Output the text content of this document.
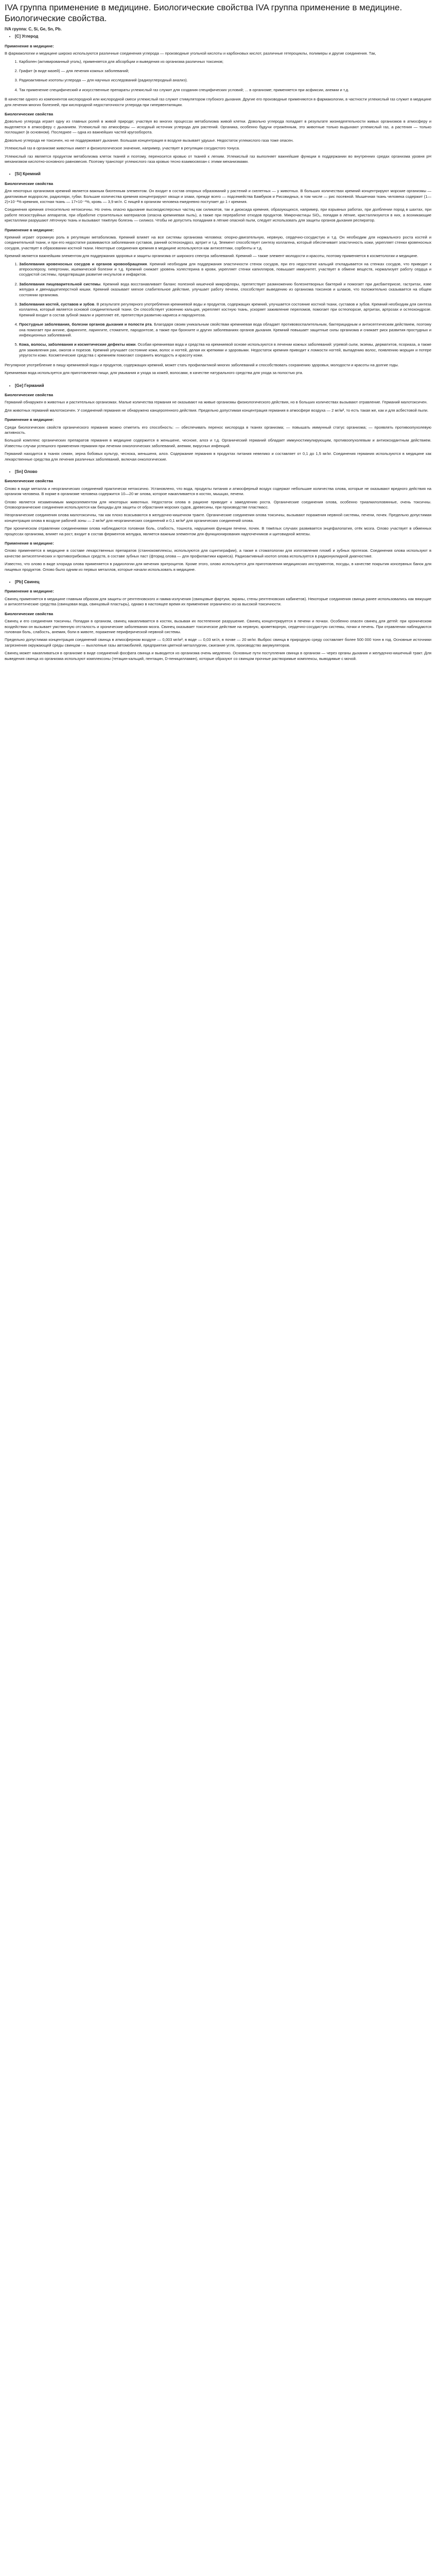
IVA группа применение в медицине. Биологические свойства IVA группа применение в медицине. Биологические свойства.
IVA группа: C, Si, Ge, Sn, Pb.
• [C] Углерод
Применение в медицине:

В фармакологии и медицине широко используются различные соединения углерода — производные угольной кислоты и карбоновых кислот, различные гетероциклы, полимеры и другие соединения. Так,

1. Карболен (активированный уголь), применяется для абсорбции и выведения из организма различных токсинов;
2. Графит (в виде мазей) — для лечения кожных заболеваний;
3. Радиоактивные изотопы углерода — для научных исследований (радиоуглеродный анализ).
4. Так применение специфический и искусственные препараты углекислый газ служит для создания специфических условий; ... в организме; применяется при асфиксии, анемии и т.д.

В качестве одного из компонентов кислородной или кислородной смеси углекислый газ служит стимулятором глубокого дыхания. Другие его производные применяются в фармакологии, в частности углекислый газ служит в медицине для лечения многих болезней, при кислородной недостаточности углерода при гипервентиляции.

Биологические свойства

Довольно углерода играет одну из главных ролей в живой природе; участвуя во многих процессах метаболизма живой клетки. Довольно углерода попадает в результате жизнедеятельности живых организмов в атмосферу и выделяется в атмосферу с дыханием. Углекислый газ атмосферы — исходный источник углерода для растений. Органика, особенно будучи отражённым, это животные только выдыхают углекислый газ, а растения — только поглощают (в основном). Последнее — одна из важнейших частей кругооборота.

Довольно углерода не токсичен, но не поддерживает дыхание. Большая концентрация в воздухе вызывает удушье. Недостаток углекислого газа тоже опасен.

Углекислый газ в организме животных имеет и физиологическое значение, например, участвует в регуляции сосудистого тонуса.

Углекислый газ является продуктом метаболизма клеток тканей и поэтому, переносится кровью от тканей к легким. Углекислый газ выполняет важнейшие функции в поддержании во внутренних средах организма уровня pH механизмом кислотно-основного равновесия. Поэтому транспорт углекислого газа кровью тесно взаимосвязан с этими механизмами.

• [Si] Кремний
Биологические свойства

Для некоторых организмов кремний является важным биогенным элементом. Он входит в состав опорных образований у растений и скелетных — у животных. В больших количествах кремний концентрируют морские организмы — диатомовые водоросли, радиоляри, губки. Большие количества кремния концентрируют хвощи и злаки, прежде всего — подсемейства Бамбуков и Рисовидных, в том числе — рис посевной. Мышечная ткань человека содержит (1—2)×10⁻²% кремния, костная ткань — 17×10⁻⁴%, кровь — 3,9 мг/л. С пищей в организм человека ежедневно поступает до 1 г кремния.

Соединения кремния относительно нетоксичны. Но очень опасно вдыхание высокодисперсных частиц как силикатов, так и диоксида кремния, образующихся, например, при взрывных работах, при долблении пород в шахтах, при работе пескоструйных аппаратов, при обработке строительных материалов (опасна кремниевая пыль), а также при переработке отходов продуктов. Микрочастицы SiO₂, попадая в лёгкие, кристаллизуются в них, а возникающие кристаллики разрушают лёгочную ткань и вызывают тяжёлую болезнь — силикоз. Чтобы не допустить попадания в лёгкие опасной пыли, следует использовать для защиты органов дыхания респиратор.

Применение в медицине:

Кремний играет огромную роль в регуляции метаболизма. Кремний влияет на все системы организма человека: опорно-двигательную, нервную, сердечно-сосудистую и т.д. Он необходим для нормального роста костей и соединительной ткани, и при его недостатке развиваются заболевания суставов, ранний остеохондроз, артрит и т.д. Элемент способствует синтезу коллагена, который обеспечивает эластичность кожи, укрепляет стенки кровеносных сосудов, участвует в образовании костной ткани. Некоторые соединения кремния в медицине используются как антисептики, сорбенты и т.д.

Кремний является важнейшим элементом для поддержания здоровья и защиты организма от широкого спектра заболеваний. Кремний — также элемент молодости и красоты, поэтому применяется в косметологии и медицине.

1. Заболевания кровеносных сосудов и органов кровообращения. Кремний необходим для поддержания эластичности стенок сосудов, при его недостатке кальций откладывается на стенках сосудов, что приводит к атеросклерозу, гипертонии, ишемической болезни и т.д. Кремний снижает уровень холестерина в крови, укрепляет стенки капилляров, повышает иммунитет, участвует в обмене веществ, нормализует работу сердца и сосудистой системы, предотвращая развитие инсультов и инфарктов.
2. Заболевания пищеварительной системы. Кремний вода восстанавливает баланс полезной кишечной микрофлоры, препятствует размножению болезнетворных бактерий и помогает при дисбактериозе, гастритах, язве желудка и двенадцатиперстной кишки. Кремний оказывает мягкое слабительное действие, улучшает работу печени, способствует выведению из организма токсинов и шлаков, что положительно сказывается на общем состоянии организма.
3. Заболевания костей, суставов и зубов. В результате регулярного употребления кремниевой воды и продуктов, содержащих кремний, улучшается состояние костной ткани, суставов и зубов. Кремний необходим для синтеза коллагена, который является основой соединительной ткани. Он способствует усвоению кальция, укрепляет костную ткань, ускоряет заживление переломов, помогает при остеопорозе, артритах, артрозах и остеохондрозе. Кремний входит в состав зубной эмали и укрепляет её, препятствуя развитию кариеса и пародонтоза.
4. Простудные заболевания, болезни органов дыхания и полости рта. Благодаря своим уникальным свойствам кремниевая вода обладает противовоспалительным, бактерицидным и антисептическим действием, поэтому она помогает при ангине, фарингите, ларингите, стоматите, пародонтозе, а также при бронхите и других заболеваниях органов дыхания. Кремний повышает защитные силы организма и снижает риск развития простудных и инфекционных заболеваний.
5. Кожа, волосы, заболевания и косметические дефекты кожи. Особая кремниевая вода и средства на кремниевой основе используются в лечении кожных заболеваний: угревой сыпи, экземы, дерматитов, псориаза, а также для заживления ран, ожогов и порезов. Кремний улучшает состояние кожи, волос и ногтей, делая их крепкими и здоровыми. Недостаток кремния приводит к ломкости ногтей, выпадению волос, появлению морщин и потере упругости кожи. Косметические средства с кремнием помогают сохранить молодость и красоту кожи.

Регулярное употребление в пищу кремниевой воды и продуктов, содержащих кремний, может стать профилактикой многих заболеваний и способствовать сохранению здоровья, молодости и красоты на долгие годы.

Кремниевая вода используется для приготовления пищи, для умывания и ухода за кожей, волосами, в качестве натурального средства для ухода за полостью рта.

• [Ge] Германий
Биологические свойства

Германий обнаружен в животных и растительных организмах. Малые количества германия не оказывают на живые организмы физиологического действия, но в больших количествах вызывают отравление. Германий малотоксичен.

Для животных германий малотоксичен. У соединений германия не обнаружено канцерогенного действия. Предельно допустимая концентрация германия в атмосфере воздуха — 2 мг/м³, то есть такая же, как и для асбестовой пыли.

Применение в медицине:

Среди биологических свойств органического германия можно отметить его способность: — обеспечивать перенос кислорода в тканях организма; — повышать иммунный статус организма; — проявлять противоопухолевую активность.

Большой комплекс органических препаратов германия в медицине содержится в женьшене, чесноке, алоэ и т.д. Органический германий обладает иммуностимулирующим, противоопухолевым и антиоксидантным действием. Известны случаи успешного применения германия при лечении онкологических заболеваний, анемии, вирусных инфекций.

Германий находится в тканях семян, зерна бобовых культур, чеснока, женьшеня, алоэ. Содержание германия в продуктах питания невелико и составляет от 0,1 до 1,5 мг/кг. Соединения германия используются в медицине как лекарственные средства для лечения различных заболеваний, включая онкологические.

• [Sn] Олово
Биологические свойства

Олово в виде металла и неорганических соединений практически нетоксично. Установлено, что вода, продукты питания и атмосферный воздух содержат небольшие количества олова, которые не оказывают вредного действия на организм человека. В норме в организме человека содержится 10—20 мг олова, которое накапливается в костях, мышцах, печени.

Олово является незаменимым микроэлементом для некоторых животных. Недостаток олова в рационе приводит к замедлению роста. Органические соединения олова, особенно триалкилоловянные, очень токсичны. Оловоорганические соединения используются как биоциды для защиты от обрастания морских судов, древесины, при производстве пластмасс.

Неорганические соединения олова малотоксичны, так как плохо всасываются в желудочно-кишечном тракте. Органические соединения олова токсичны, вызывают поражения нервной системы, печени, почек. Предельно допустимая концентрация олова в воздухе рабочей зоны — 2 мг/м³ для неорганических соединений и 0,1 мг/м³ для органических соединений олова.

При хроническом отравлении соединениями олова наблюдаются головная боль, слабость, тошнота, нарушения функции печени, почек. В тяжёлых случаях развивается энцефалопатия, отёк мозга. Олово участвует в обменных процессах организма, влияет на рост, входит в состав ферментов желудка, является важным элементом для функционирования надпочечников и щитовидной железы.

Применение в медицине:

Олово применяется в медицине в составе лекарственных препаратов (станнокомплексы, используются для сцинтиграфии), а также в стоматологии для изготовления пломб и зубных протезов. Соединения олова используют в качестве антисептических и противогрибковых средств, в составе зубных паст (фторид олова — для профилактики кариеса). Радиоактивный изотоп олова используется в радионуклидной диагностике.

Известно, что олово в виде хлорида олова применяется в радиологии для мечения эритроцитов. Кроме этого, олово используется для приготовления медицинских инструментов, посуды, в качестве покрытия консервных банок для пищевых продуктов. Олово было одним из первых металлов, которые начали использовать в медицине.

• [Pb] Свинец
Применение в медицине:

Свинец применяется в медицине главным образом для защиты от рентгеновского и гамма-излучения (свинцовые фартуки, экраны, стены рентгеновских кабинетов). Некоторые соединения свинца ранее использовались как вяжущие и антисептические средства (свинцовая вода, свинцовый пластырь), однако в настоящее время их применение ограничено из-за высокой токсичности.

Биологические свойства

Свинец и его соединения токсичны. Попадая в организм, свинец накапливается в костях, вызывая их постепенное разрушение. Свинец концентрируется в печени и почках. Особенно опасен свинец для детей: при хроническом воздействии он вызывает умственную отсталость и хронические заболевания мозга. Свинец оказывает токсическое действие на нервную, кроветворную, сердечно-сосудистую системы, почки и печень. При отравлении наблюдаются головная боль, слабость, анемия, боли в животе, поражение периферической нервной системы.

Предельно допустимая концентрация соединений свинца в атмосферном воздухе — 0,003 мг/м³, в воде — 0,03 мг/л, в почве — 20 мг/кг. Выброс свинца в природную среду составляет более 500 000 тонн в год. Основные источники загрязнения окружающей среды свинцом — выхлопные газы автомобилей, предприятия цветной металлургии, сжигание угля, производство аккумуляторов.

Свинец может накапливаться в организме в виде соединений фосфата свинца и выводится из организма очень медленно. Основные пути поступления свинца в организм — через органы дыхания и желудочно-кишечный тракт. Для выведения свинца из организма используют комплексоны (тетацин-кальций, пентацин, D-пеницилламин), которые образуют со свинцом прочные растворимые комплексы, выводимые с мочой.
